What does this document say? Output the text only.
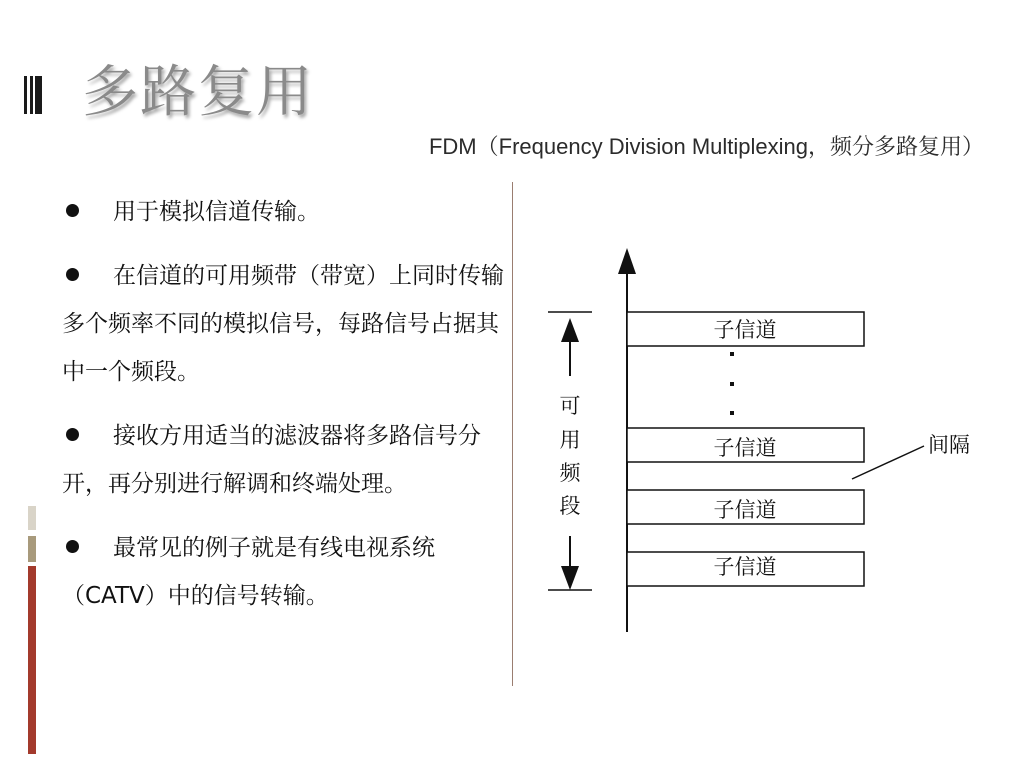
多路复用
FDM（Frequency Division Multiplexing，频分多路复用）
用于模拟信道传输。
在信道的可用频带（带宽）上同时传输多个频率不同的模拟信号，每路信号占据其中一个频段。
接收方用适当的滤波器将多路信号分开，再分别进行解调和终端处理。
最常见的例子就是有线电视系统（CATV）中的信号转输。
子信道
子信道
子信道
子信道
可
用
频
段
间隔
